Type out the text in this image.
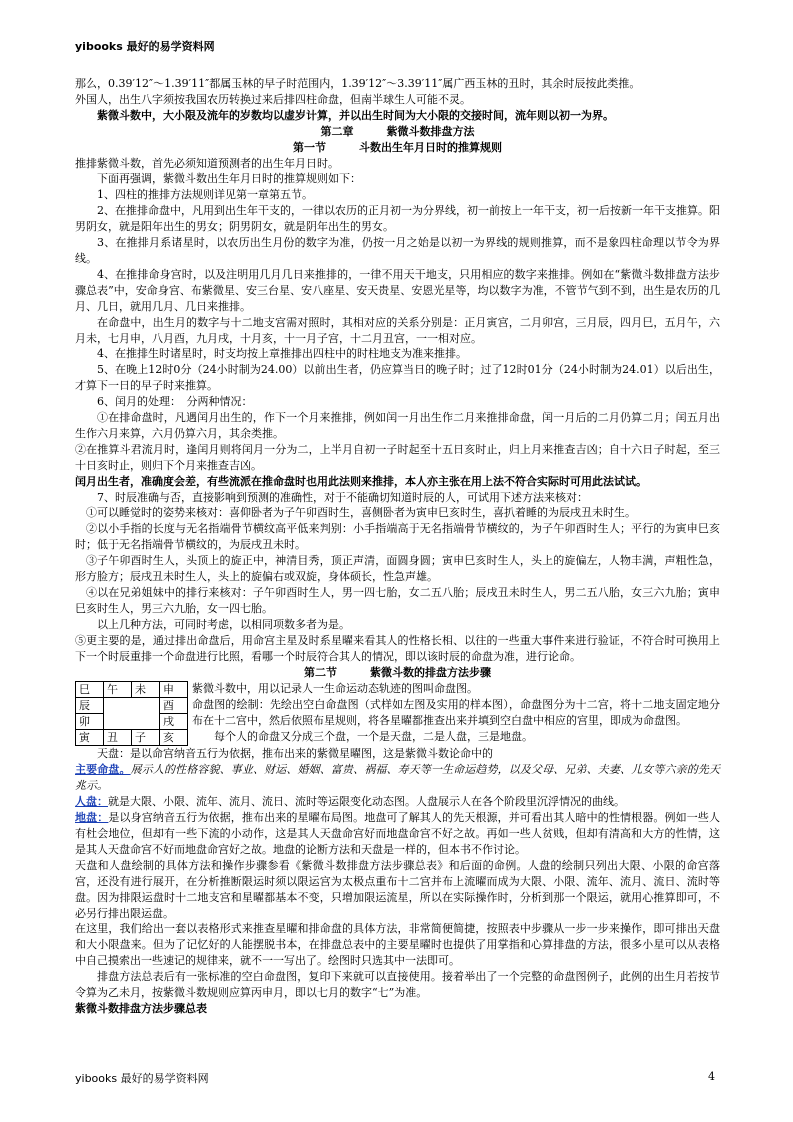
yibooks 最好的易学资料网

那么，0.39′12″～1.39′11″都属玉林的早子时范围内，1.39′12″～3.39′11″属广西玉林的丑时，其余时辰按此类推。

外国人，出生八字须按我国农历转换过来后排四柱命盘，但南半球生人可能不灵。

紫微斗数中，大小限及流年的岁数均以虚岁计算，并以出生时间为大小限的交接时间，流年则以初一为界。

第二章　　　紫微斗数排盘方法

第一节　　　斗数出生年月日时的推算规则

推排紫微斗数，首先必须知道预测者的出生年月日时。

下面再强调，紫微斗数出生年月日时的推算规则如下：

1、四柱的推排方法规则详见第一章第五节。

2、在推排命盘中，凡用到出生年干支的，一律以农历的正月初一为分界线，初一前按上一年干支，初一后按新一年干支推算。阳男阴女，就是阳年出生的男女；阴男阴女，就是阴年出生的男女。

3、在推排月系诸星时，以农历出生月份的数字为准，仍按一月之始是以初一为界线的规则推算，而不是象四柱命理以节令为界线。

4、在推排命身宫时，以及注明用几月几日来推排的，一律不用天干地支，只用相应的数字来推排。例如在“紫微斗数排盘方法步骤总表”中，安命身宫、布紫微星、安三台星、安八座星、安天贵星、安恩光星等，均以数字为准，不管节气到不到，出生是农历的几月、几日，就用几月、几日来推排。

在命盘中，出生月的数字与十二地支宫需对照时，其相对应的关系分别是：正月寅宫，二月卯宫，三月辰，四月巳，五月午，六月未，七月申，八月酉，九月戌，十月亥，十一月子宫，十二月丑宫，一一相对应。

4、在推排生时诸星时，时支均按上章推排出四柱中的时柱地支为准来推排。

5、在晚上12时0分（24小时制为24.00）以前出生者，仍应算当日的晚子时；过了12时01分（24小时制为24.01）以后出生，才算下一日的早子时来推算。

6、闰月的处理：　分两种情况：

①在排命盘时，凡遇闰月出生的，作下一个月来推排，例如闰一月出生作二月来推排命盘，闰一月后的二月仍算二月；闰五月出生作六月来算，六月仍算六月，其余类推。

②在推算斗君流月时，逢闰月则将闰月一分为二，上半月自初一子时起至十五日亥时止，归上月来推查吉凶；自十六日子时起，至三十日亥时止，则归下个月来推查吉凶。

闰月出生者，准确度会差，有些流派在推命盘时也用此法则来推排，本人亦主张在用上法不符合实际时可用此法试试。

7、时辰准确与否，直接影响到预测的准确性，对于不能确切知道时辰的人，可试用下述方法来核对：

①可以睡觉时的姿势来核对：喜仰卧者为子午卯酉时生，喜侧卧者为寅申巳亥时生，喜扒着睡的为辰戌丑未时生。

②以小手指的长度与无名指端骨节横纹高平低来判别：小手指端高于无名指端骨节横纹的，为子午卯酉时生人；平行的为寅申巳亥时；低于无名指端骨节横纹的，为辰戌丑未时。

③子午卯酉时生人，头顶上的旋正中，神清目秀，顶正声清，面圆身圆；寅申巳亥时生人，头上的旋偏左，人物丰满，声粗性急，形方脸方；辰戌丑未时生人，头上的旋偏右或双旋，身体硕长，性急声雄。

④以在兄弟姐妹中的排行来核对：子午卯酉时生人，男一四七胎，女二五八胎；辰戌丑未时生人，男二五八胎，女三六九胎；寅申巳亥时生人，男三六九胎，女一四七胎。

以上几种方法，可同时考虑，以相同项数多者为是。

⑤更主要的是，通过排出命盘后，用命宫主星及时系星曜来看其人的性格长相、以往的一些重大事件来进行验证，不符合时可换用上下一个时辰重排一个命盘进行比照，看哪一个时辰符合其人的情况，即以该时辰的命盘为准，进行论命。

第二节　　　紫微斗数的排盘方法步骤

巳	午	未	申
辰			酉
卯			戌
寅	丑	子	亥

紫微斗数中，用以记录人一生命运动态轨迹的图叫命盘图。

命盘图的绘制：先绘出空白命盘图（式样如左图及实用的样本图），命盘图分为十二宫，将十二地支固定地分布在十二宫中，然后依照布星规则，将各星曜都推查出来并填到空白盘中相应的宫里，即成为命盘图。

每个人的命盘又分成三个盘，一个是天盘，二是人盘，三是地盘。

天盘：是以命宫纳音五行为依据，推布出来的紫微星曜图，这是紫微斗数论命中的

主要命盘。展示人的性格容貌、事业、财运、婚姻、富贵、祸福、寿天等一生命运趋势，以及父母、兄弟、夫妻、儿女等六亲的先天兆示。

人盘：就是大限、小限、流年、流月、流日、流时等运限变化动态图。人盘展示人在各个阶段里沉浮情况的曲线。

地盘：是以身宫纳音五行为依据，推布出来的星曜布局图。地盘可了解其人的先天根源，并可看出其人暗中的性情根器。例如一些人有杜会地位，但却有一些下流的小动作，这是其人天盘命宫好而地盘命宫不好之故。再如一些人贫贱，但却有清高和大方的性情，这是其人天盘命宫不好而地盘命宫好之故。地盘的论断方法和天盘是一样的，但本书不作讨论。

天盘和人盘绘制的具体方法和操作步骤参看《紫微斗数排盘方法步骤总表》和后面的命例。人盘的绘制只列出大限、小限的命宫落宫，还没有进行展开，在分析推断限运时须以限运宫为太极点重布十二宫并布上流曜而成为大限、小限、流年、流月、流日、流时等盘。因为排限运盘时十二地支宫和星曜都基本不变，只增加限运流星，所以在实际操作时，分析到那一个限运，就用心推算即可，不必另行排出限运盘。

在这里，我们给出一套以表格形式来推查星曜和排命盘的具体方法，非常简便简捷，按照表中步骤从一步一步来操作，即可排出天盘和大小限盘来。但为了记忆好的人能摆脱书本，在排盘总表中的主要星曜时也提供了用掌指和心算排盘的方法，很多小星可以从表格中自己摸索出一些速记的规律来，就不一一写出了。绘图时只选其中一法即可。

排盘方法总表后有一张标准的空白命盘图，复印下来就可以直接使用。接着举出了一个完整的命盘图例子，此例的出生月若按节令算为乙未月，按紫微斗数规则应算丙申月，即以七月的数字“七”为准。

紫微斗数排盘方法步骤总表

yibooks 最好的易学资料网	4
